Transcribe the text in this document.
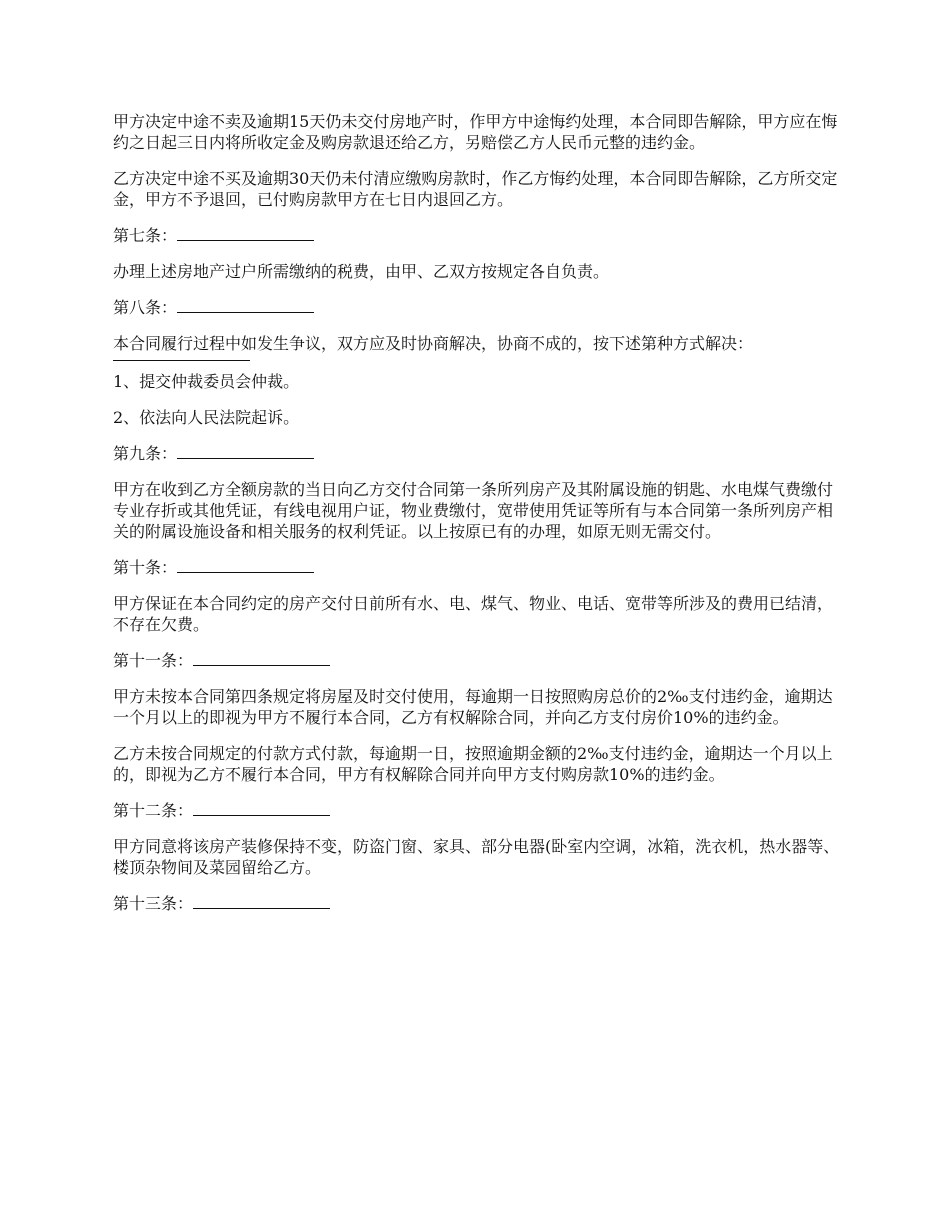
甲方决定中途不卖及逾期15天仍未交付房地产时，作甲方中途悔约处理，本合同即告解除，甲方应在悔约之日起三日内将所收定金及购房款退还给乙方，另赔偿乙方人民币元整的违约金。

乙方决定中途不买及逾期30天仍未付清应缴购房款时，作乙方悔约处理，本合同即告解除，乙方所交定金，甲方不予退回，已付购房款甲方在七日内退回乙方。

第七条：

办理上述房地产过户所需缴纳的税费，由甲、乙双方按规定各自负责。

第八条：

本合同履行过程中如发生争议，双方应及时协商解决，协商不成的，按下述第种方式解决：

1、提交仲裁委员会仲裁。

2、依法向人民法院起诉。

第九条：

甲方在收到乙方全额房款的当日向乙方交付合同第一条所列房产及其附属设施的钥匙、水电煤气费缴付专业存折或其他凭证，有线电视用户证，物业费缴付，宽带使用凭证等所有与本合同第一条所列房产相关的附属设施设备和相关服务的权利凭证。以上按原已有的办理，如原无则无需交付。

第十条：

甲方保证在本合同约定的房产交付日前所有水、电、煤气、物业、电话、宽带等所涉及的费用已结清，不存在欠费。

第十一条：

甲方未按本合同第四条规定将房屋及时交付使用，每逾期一日按照购房总价的2‰支付违约金，逾期达一个月以上的即视为甲方不履行本合同，乙方有权解除合同，并向乙方支付房价10%的违约金。

乙方未按合同规定的付款方式付款，每逾期一日，按照逾期金额的2‰支付违约金，逾期达一个月以上的，即视为乙方不履行本合同，甲方有权解除合同并向甲方支付购房款10%的违约金。

第十二条：

甲方同意将该房产装修保持不变，防盗门窗、家具、部分电器(卧室内空调，冰箱，洗衣机，热水器等、楼顶杂物间及菜园留给乙方。

第十三条：
